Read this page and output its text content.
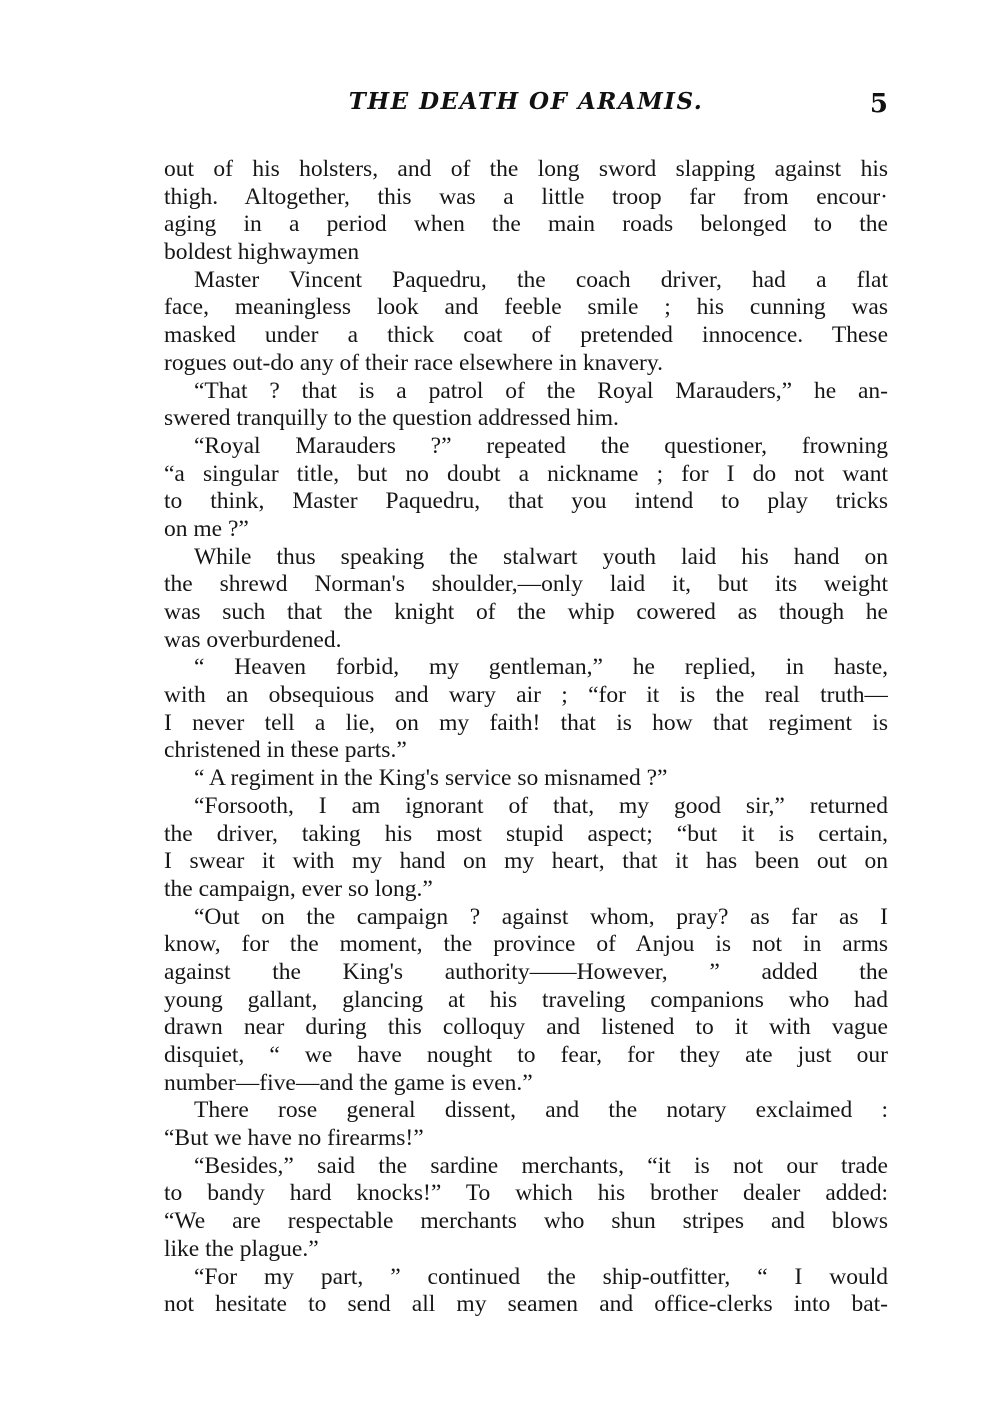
THE DEATH OF ARAMIS.	5
out of his holsters, and of the long sword slapping against his
thigh. Altogether, this was a little troop far from encour·
aging in a period when the main roads belonged to the
boldest highwaymen
Master Vincent Paquedru, the coach driver, had a flat
face, meaningless look and feeble smile ; his cunning was
masked under a thick coat of pretended innocence. These
rogues out-do any of their race elsewhere in knavery.
“That ? that is a patrol of the Royal Marauders,” he an-
swered tranquilly to the question addressed him.
“Royal Marauders ?” repeated the questioner, frowning
“a singular title, but no doubt a nickname ; for I do not want
to think, Master Paquedru, that you intend to play tricks
on me ?”
While thus speaking the stalwart youth laid his hand on
the shrewd Norman's shoulder,—only laid it, but its weight
was such that the knight of the whip cowered as though he
was overburdened.
“ Heaven forbid, my gentleman,” he replied, in haste,
with an obsequious and wary air ; “for it is the real truth—
I never tell a lie, on my faith! that is how that regiment is
christened in these parts.”
“ A regiment in the King's service so misnamed ?”
“Forsooth, I am ignorant of that, my good sir,” returned
the driver, taking his most stupid aspect; “but it is certain,
I swear it with my hand on my heart, that it has been out on
the campaign, ever so long.”
“Out on the campaign ? against whom, pray? as far as I
know, for the moment, the province of Anjou is not in arms
against the King's authority——However, ” added the
young gallant, glancing at his traveling companions who had
drawn near during this colloquy and listened to it with vague
disquiet, “ we have nought to fear, for they ate just our
number—five—and the game is even.”
There rose general dissent, and the notary exclaimed :
“But we have no firearms!”
“Besides,” said the sardine merchants, “it is not our trade
to bandy hard knocks!” To which his brother dealer added:
“We are respectable merchants who shun stripes and blows
like the plague.”
“For my part, ” continued the ship-outfitter, “ I would
not hesitate to send all my seamen and office-clerks into bat-
